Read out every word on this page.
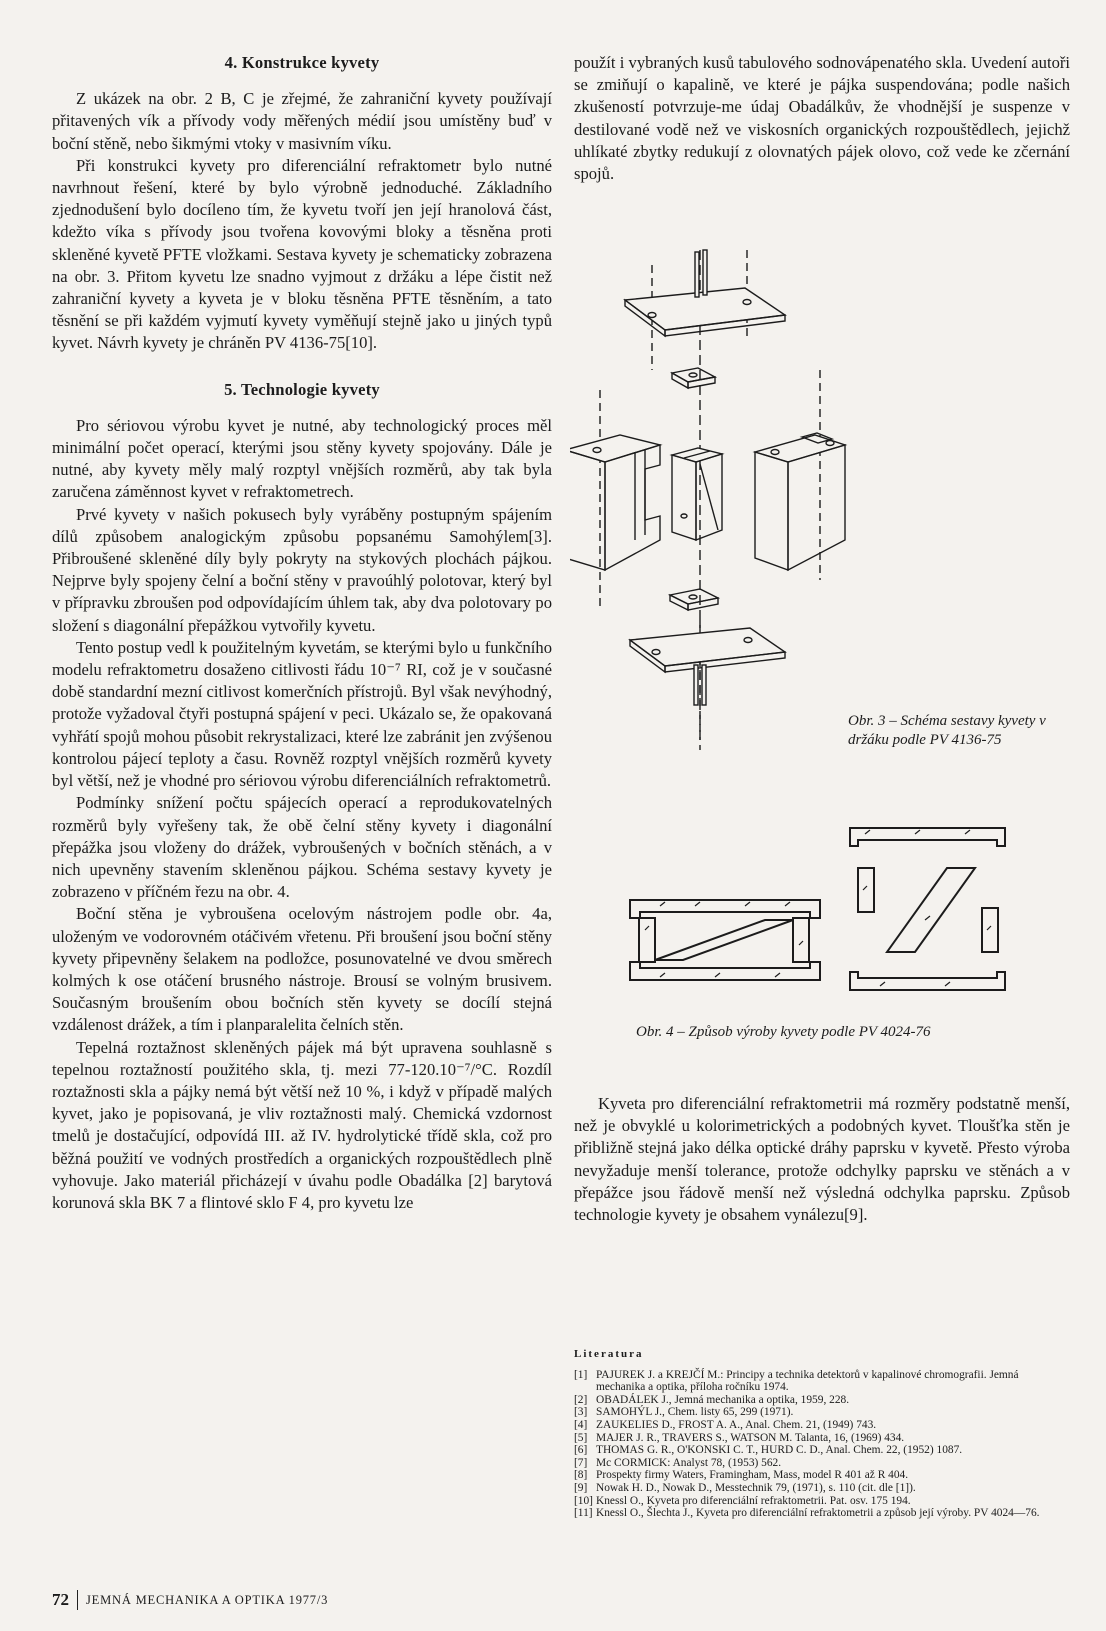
4. Konstrukce kyvety

Z ukázek na obr. 2 B, C je zřejmé, že zahraniční kyvety používají přitavených vík a přívody vody měřených médií jsou umístěny buď v boční stěně, nebo šikmými vtoky v masivním víku.

Při konstrukci kyvety pro diferenciální refraktometr bylo nutné navrhnout řešení, které by bylo výrobně jednoduché. Základního zjednodušení bylo docíleno tím, že kyvetu tvoří jen její hranolová část, kdežto víka s přívody jsou tvořena kovovými bloky a těsněna proti skleněné kyvetě PFTE vložkami. Sestava kyvety je schematicky zobrazena na obr. 3. Přitom kyvetu lze snadno vyjmout z držáku a lépe čistit než zahraniční kyvety a kyveta je v bloku těsněna PFTE těsněním, a tato těsnění se při každém vyjmutí kyvety vyměňují stejně jako u jiných typů kyvet. Návrh kyvety je chráněn PV 4136-75[10].

5. Technologie kyvety

Pro sériovou výrobu kyvet je nutné, aby technologický proces měl minimální počet operací, kterými jsou stěny kyvety spojovány. Dále je nutné, aby kyvety měly malý rozptyl vnějších rozměrů, aby tak byla zaručena záměnnost kyvet v refraktometrech.

Prvé kyvety v našich pokusech byly vyráběny postupným spájením dílů způsobem analogickým způsobu popsanému Samohýlem[3]. Přibroušené skleněné díly byly pokryty na stykových plochách pájkou. Nejprve byly spojeny čelní a boční stěny v pravoúhlý polotovar, který byl v přípravku zbroušen pod odpovídajícím úhlem tak, aby dva polotovary po složení s diagonální přepážkou vytvořily kyvetu.

Tento postup vedl k použitelným kyvetám, se kterými bylo u funkčního modelu refraktometru dosaženo citlivosti řádu 10⁻⁷ RI, což je v současné době standardní mezní citlivost komerčních přístrojů. Byl však nevýhodný, protože vyžadoval čtyři postupná spájení v peci. Ukázalo se, že opakovaná vyhřátí spojů mohou působit rekrystalizaci, které lze zabránit jen zvýšenou kontrolou pájecí teploty a času. Rovněž rozptyl vnějších rozměrů kyvety byl větší, než je vhodné pro sériovou výrobu diferenciálních refraktometrů.

Podmínky snížení počtu spájecích operací a reprodukovatelných rozměrů byly vyřešeny tak, že obě čelní stěny kyvety i diagonální přepážka jsou vloženy do drážek, vybroušených v bočních stěnách, a v nich upevněny stavením skleněnou pájkou. Schéma sestavy kyvety je zobrazeno v příčném řezu na obr. 4.

Boční stěna je vybroušena ocelovým nástrojem podle obr. 4a, uloženým ve vodorovném otáčivém vřetenu. Při broušení jsou boční stěny kyvety připevněny šelakem na podložce, posunovatelné ve dvou směrech kolmých k ose otáčení brusného nástroje. Brousí se volným brusivem. Současným broušením obou bočních stěn kyvety se docílí stejná vzdálenost drážek, a tím i planparalelita čelních stěn.

Tepelná roztažnost skleněných pájek má být upravena souhlasně s tepelnou roztažností použitého skla, tj. mezi 77-120.10⁻⁷/°C. Rozdíl roztažnosti skla a pájky nemá být větší než 10 %, i když v případě malých kyvet, jako je popisovaná, je vliv roztažnosti malý. Chemická vzdornost tmelů je dostačující, odpovídá III. až IV. hydrolytické třídě skla, což pro běžná použití ve vodných prostředích a organických rozpouštědlech plně vyhovuje. Jako materiál přicházejí v úvahu podle Obadálka [2] barytová korunová skla BK 7 a flintové sklo F 4, pro kyvetu lze

použít i vybraných kusů tabulového sodnovápenatého skla. Uvedení autoři se zmiňují o kapalině, ve které je pájka suspendována; podle našich zkušeností potvrzuje-me údaj Obadálkův, že vhodnější je suspenze v destilované vodě než ve viskosních organických rozpouštědlech, jejichž uhlíkaté zbytky redukují z olovnatých pájek olovo, což vede ke zčernání spojů.

Obr. 3 – Schéma sestavy kyvety v držáku podle PV 4136-75
Obr. 4 – Způsob výroby kyvety podle PV 4024-76

Kyveta pro diferenciální refraktometrii má rozměry podstatně menší, než je obvyklé u kolorimetrických a podobných kyvet. Tloušťka stěn je přibližně stejná jako délka optické dráhy paprsku v kyvetě. Přesto výroba nevyžaduje menší tolerance, protože odchylky paprsku ve stěnách a v přepážce jsou řádově menší než výsledná odchylka paprsku. Způsob technologie kyvety je obsahem vynálezu[9].

Literatura
[1] PAJUREK J. a KREJČÍ M.: Principy a technika detektorů v kapalinové chromografii. Jemná mechanika a optika, příloha ročníku 1974.
[2] OBADÁLEK J., Jemná mechanika a optika, 1959, 228.
[3] SAMOHÝL J., Chem. listy 65, 299 (1971).
[4] ZAUKELIES D., FROST A. A., Anal. Chem. 21, (1949) 743.
[5] MAJER J. R., TRAVERS S., WATSON M. Talanta, 16, (1969) 434.
[6] THOMAS G. R., O'KONSKI C. T., HURD C. D., Anal. Chem. 22, (1952) 1087.
[7] Mc CORMICK: Analyst 78, (1953) 562.
[8] Prospekty firmy Waters, Framingham, Mass, model R 401 až R 404.
[9] Nowak H. D., Nowak D., Messtechnik 79, (1971), s. 110 (cit. dle [1]).
[10] Knessl O., Kyveta pro diferenciální refraktometrii. Pat. osv. 175 194.
[11] Knessl O., Šlechta J., Kyveta pro diferenciální refraktometrii a způsob její výroby. PV 4024—76.
72 JEMNÁ MECHANIKA A OPTIKA 1977/3
